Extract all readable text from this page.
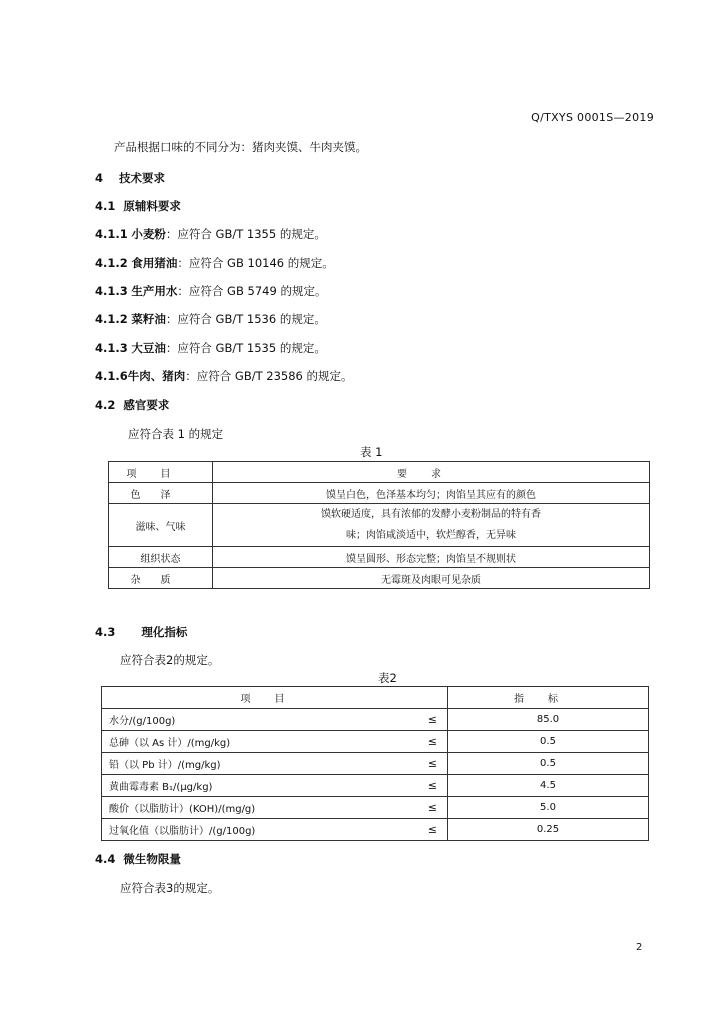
Q/TXYS 0001S—2019
产品根据口味的不同分为：猪肉夹馍、牛肉夹馍。
4 技术要求
4.1 原辅料要求
4.1.1 小麦粉：应符合 GB/T 1355 的规定。
4.1.2 食用猪油：应符合 GB 10146 的规定。
4.1.3 生产用水：应符合 GB 5749 的规定。
4.1.2 菜籽油：应符合 GB/T 1536 的规定。
4.1.3 大豆油：应符合 GB/T 1535 的规定。
4.1.6牛肉、猪肉：应符合 GB/T 23586 的规定。
4.2 感官要求
应符合表 1 的规定
表 1
项目	要求
色泽	馍呈白色，色泽基本均匀；肉馅呈其应有的颜色
滋味、气味	馍软硬适度，具有浓郁的发酵小麦粉制品的特有香
味；肉馅咸淡适中，软烂醇香，无异味

组织状态	馍呈圆形、形态完整；肉馅呈不规则状
杂质	无霉斑及肉眼可见杂质
4.3 理化指标
应符合表2的规定。
表2
项目		指标
水分/(g/100g)	≤	85.0
总砷（以 As 计）/(mg/kg)	≤	0.5
铅（以 Pb 计）/(mg/kg)	≤	0.5
黄曲霉毒素 B₁/(μg/kg)	≤	4.5
酸价（以脂肪计）(KOH)/(mg/g)	≤	5.0
过氧化值（以脂肪计）/(g/100g)	≤	0.25
4.4 微生物限量
应符合表3的规定。
2
